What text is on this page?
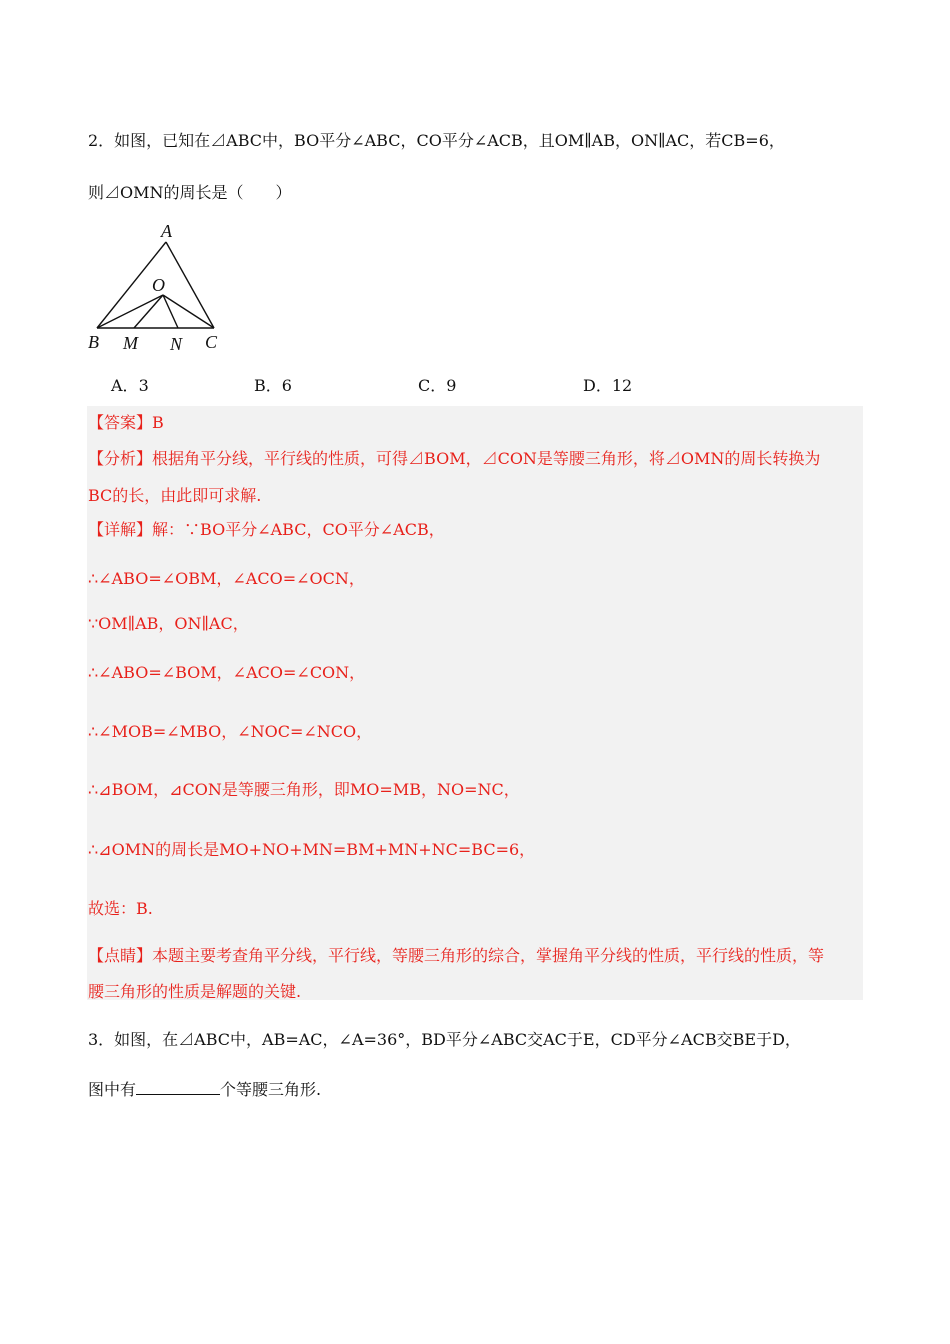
2．如图，已知在⊿ABC中，BO平分∠ABC，CO平分∠ACB，且OM∥AB，ON∥AC，若CB=6，
则⊿OMN的周长是（　　）
A
O
B M N C
A．3	B．6	C．9	D．12
【答案】B
【分析】根据角平分线，平行线的性质，可得⊿BOM，⊿CON是等腰三角形，将⊿OMN的周长转换为
BC的长，由此即可求解.
【详解】解：∵BO平分∠ABC，CO平分∠ACB，
∴∠ABO=∠OBM，∠ACO=∠OCN，
∵OM∥AB，ON∥AC，
∴∠ABO=∠BOM，∠ACO=∠CON，
∴∠MOB=∠MBO，∠NOC=∠NCO，
∴⊿BOM，⊿CON是等腰三角形，即MO=MB，NO=NC，
∴⊿OMN的周长是MO+NO+MN=BM+MN+NC=BC=6，
故选：B.
【点睛】本题主要考查角平分线，平行线，等腰三角形的综合，掌握角平分线的性质，平行线的性质，等
腰三角形的性质是解题的关键.
3．如图，在⊿ABC中，AB=AC，∠A=36°，BD平分∠ABC交AC于E，CD平分∠ACB交BE于D，
图中有	个等腰三角形.
